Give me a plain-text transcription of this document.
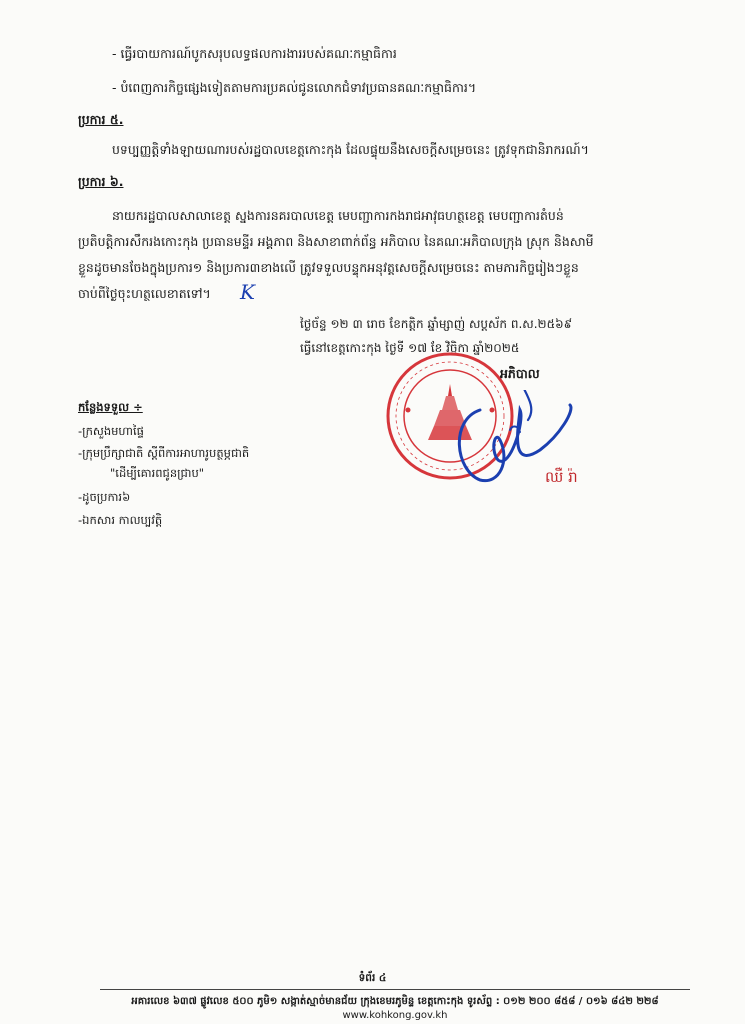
- ធ្វើរបាយការណ៍បូកសរុបលទ្ធផលការងាររបស់គណៈកម្មាធិការ
- បំពេញភារកិច្ចផ្សេងទៀតតាមការប្រគល់ជូនលោកជំទាវប្រធានគណៈកម្មាធិការ។
ប្រការ ៥.
បទប្បញ្ញត្តិទាំងឡាយណារបស់រដ្ឋបាលខេត្តកោះកុង ដែលផ្ទុយនឹងសេចក្តីសម្រេចនេះ ត្រូវទុកជានិរាករណ៍។
ប្រការ ៦.
នាយករដ្ឋបាលសាលាខេត្ត ស្នងការនគរបាលខេត្ត មេបញ្ជាការកងរាជអាវុធហត្ថខេត្ត មេបញ្ជាការតំបន់
ប្រតិបត្តិការសឹករងកោះកុង ប្រធានមន្ទីរ អង្គភាព និងសាខាពាក់ព័ន្ធ អភិបាល នៃគណៈអភិបាលក្រុង ស្រុក និងសាមី
ខ្លួនដូចមានចែងក្នុងប្រការ១ និងប្រការ៣ខាងលើ ត្រូវទទួលបន្ទុកអនុវត្តសេចក្តីសម្រេចនេះ តាមភារកិច្ចរៀងៗខ្លួន
ចាប់ពីថ្ងៃចុះហត្ថលេខាតទៅ។ K
ថ្ងៃច័ន្ទ ១២ ៣ រោច ខែកត្តិក ឆ្នាំម្សាញ់ សប្តស័ក ព.ស.២៥៦៩
ធ្វើនៅខេត្តកោះកុង ថ្ងៃទី ១៧ ខែ វិច្ឆិកា ឆ្នាំ២០២៥
អភិបាល
ឈឺ រ៉ា
កន្លែងទទួល ÷
-ក្រសួងមហាផ្ទៃ
-ក្រុមប្រឹក្សាជាតិ ស្តីពីការអាហារូបត្ថម្ភជាតិ
"ដើម្បីគោរពជូនជ្រាប"
-ដូចប្រការ៦
-ឯកសារ កាលប្បវត្តិ
ទំព័រ ៤
អគារលេខ ៦៣៧ ផ្លូវលេខ ៥០០ ភូមិ១ សង្កាត់ស្មាច់មានជ័យ ក្រុងខេមរភូមិន្ទ ខេត្តកោះកុង ទូរស័ព្ទ : ០១២ ២០០ ៨៥៨ / ០១៦ ៨៤២ ២២៨
www.kohkong.gov.kh
